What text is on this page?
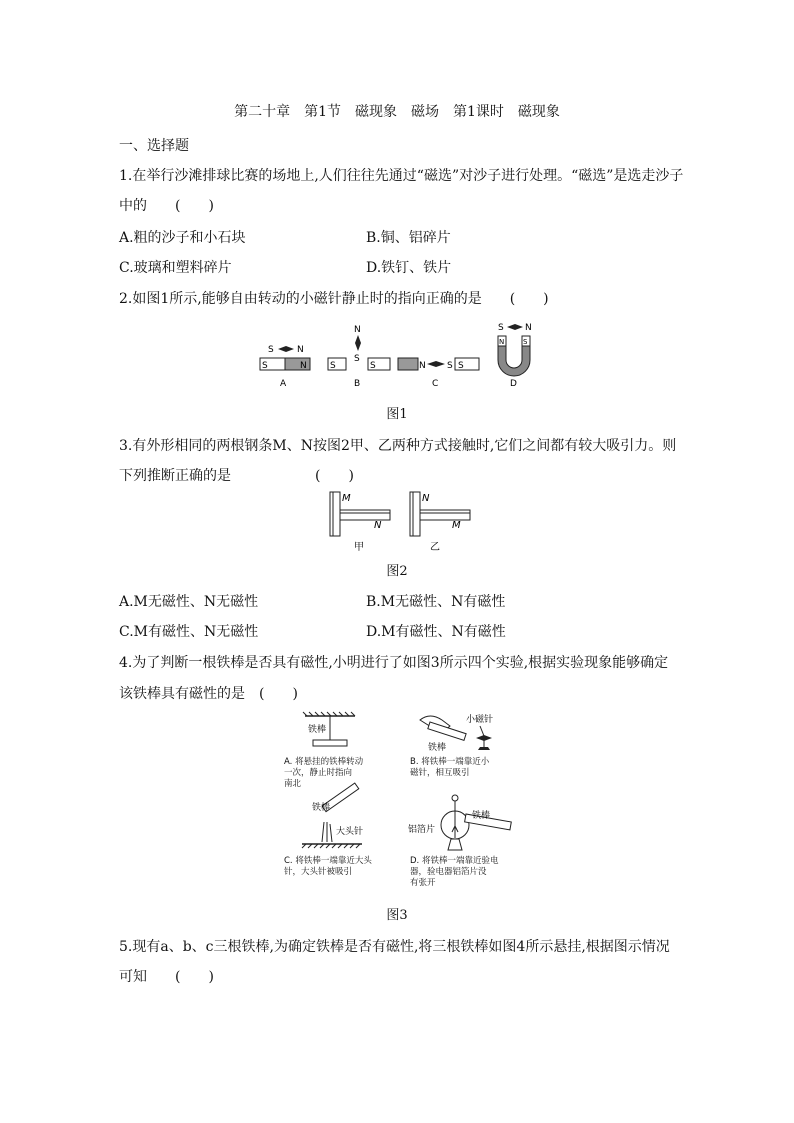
第二十章　第1节　磁现象　磁场　第1课时　磁现象
一、选择题
1.在举行沙滩排球比赛的场地上,人们往往先通过“磁选”对沙子进行处理。“磁选”是选走沙子
中的　　(　　)
A.粗的沙子和小石块	B.铜、铝碎片
C.玻璃和塑料碎片	D.铁钉、铁片
2.如图1所示,能够自由转动的小磁针静止时的指向正确的是　　(　　)
S	N
S	N
A
S	S
N
S
B
N S S
C
N	S
S N
D
图1
3.有外形相同的两根钢条M、N按图2甲、乙两种方式接触时,它们之间都有较大吸引力。则
下列推断正确的是　　　　　　(　　)
M
N
甲
N
M
乙
图2
A.M无磁性、N无磁性	B.M无磁性、N有磁性
C.M有磁性、N无磁性	D.M有磁性、N有磁性
4.为了判断一根铁棒是否具有磁性,小明进行了如图3所示四个实验,根据实验现象能够确定
该铁棒具有磁性的是　(　　)
铁棒
铁棒
小磁针
铁棒
大头针
铁棒
铝箔片
A. 将悬挂的铁棒转动
一次，静止时指向
南北
B. 将铁棒一端靠近小
磁针，相互吸引
C. 将铁棒一端靠近大头
针，大头针被吸引
D. 将铁棒一端靠近验电
器，验电器铝箔片没
有张开
图3
5.现有a、b、c三根铁棒,为确定铁棒是否有磁性,将三根铁棒如图4所示悬挂,根据图示情况
可知　　(　　)
